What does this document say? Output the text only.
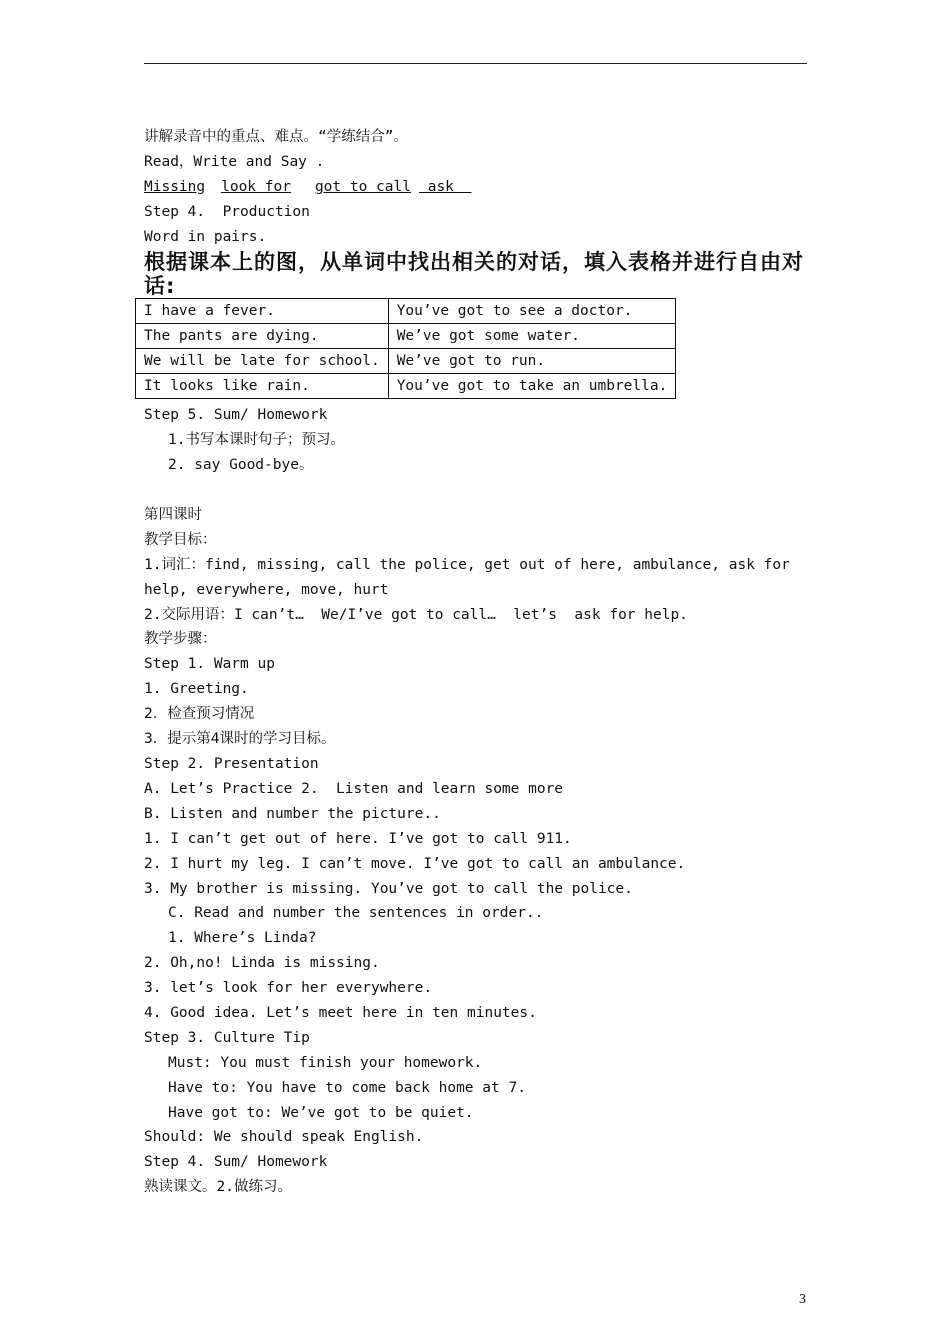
讲解录音中的重点、难点。“学练结合”。
Read，Write and Say .
Missing look for got to call ask
Step 4.  Production
Word in pairs.
根据课本上的图，从单词中找出相关的对话，填入表格并进行自由对话:
I have a fever.	You’ve got to see a doctor.
The pants are dying.	We’ve got some water.
We will be late for school.	We’ve got to run.
It looks like rain.	You’ve got to take an umbrella.
Step 5. Sum/ Homework
1.书写本课时句子；预习。
2. say Good-bye。
第四课时
教学目标：
1.词汇：find, missing, call the police, get out of here, ambulance, ask for
help, everywhere, move, hurt
2.交际用语：I can’t…  We/I’ve got to call…  let’s  ask for help.
教学步骤：
Step 1. Warm up
1. Greeting.
2．检查预习情况
3．提示第4课时的学习目标。
Step 2. Presentation
A. Let’s Practice 2.  Listen and learn some more
B. Listen and number the picture..
1. I can’t get out of here. I’ve got to call 911.
2. I hurt my leg. I can’t move. I’ve got to call an ambulance.
3. My brother is missing. You’ve got to call the police.
C. Read and number the sentences in order..
1. Where’s Linda?
2. Oh,no! Linda is missing.
3. let’s look for her everywhere.
4. Good idea. Let’s meet here in ten minutes.
Step 3. Culture Tip
Must: You must finish your homework.
Have to: You have to come back home at 7.
Have got to: We’ve got to be quiet.
Should: We should speak English.
Step 4. Sum/ Homework
熟读课文。2.做练习。
3
